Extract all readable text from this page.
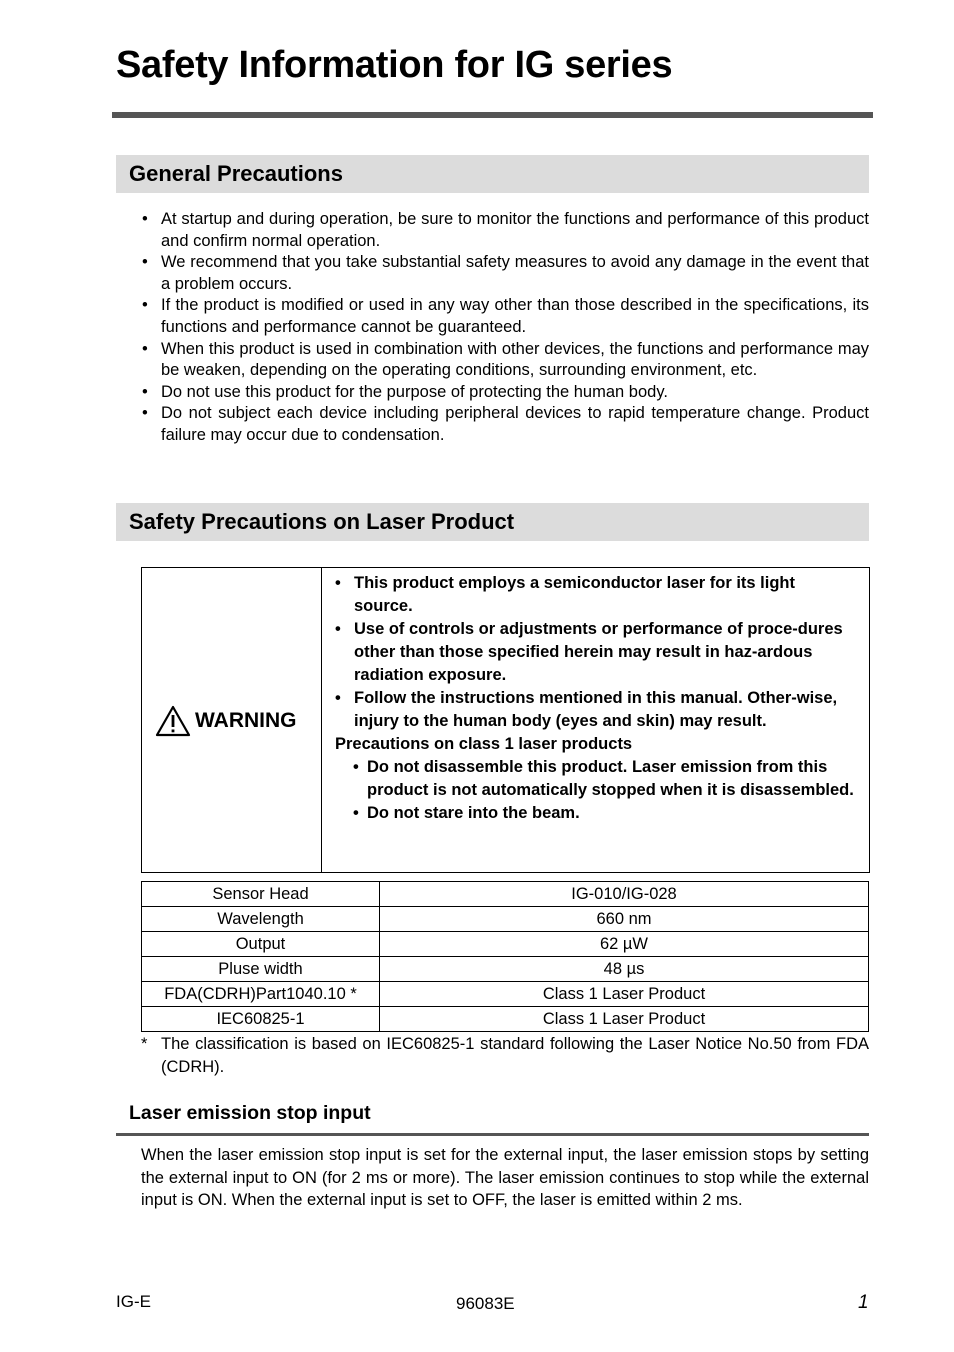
Safety Information for IG series
General Precautions
• At startup and during operation, be sure to monitor the functions and performance of this product and confirm normal operation.
• We recommend that you take substantial safety measures to avoid any damage in the event that a problem occurs.
• If the product is modified or used in any way other than those described in the specifications, its functions and performance cannot be guaranteed.
• When this product is used in combination with other devices, the functions and performance may be weaken, depending on the operating conditions, surrounding environment, etc.
• Do not use this product for the purpose of protecting the human body.
• Do not subject each device including peripheral devices to rapid temperature change. Product failure may occur due to condensation.
Safety Precautions on Laser Product
WARNING
• This product employs a semiconductor laser for its light source.
• Use of controls or adjustments or performance of proce-dures other than those specified herein may result in haz-ardous radiation exposure.
• Follow the instructions mentioned in this manual. Other-wise, injury to the human body (eyes and skin) may result.
Precautions on class 1 laser products
• Do not disassemble this product. Laser emission from this product is not automatically stopped when it is disassembled.
• Do not stare into the beam.
Sensor Head	IG-010/IG-028
Wavelength	660 nm
Output	62 µW
Pluse width	48 µs
FDA(CDRH)Part1040.10 *	Class 1 Laser Product
IEC60825-1	Class 1 Laser Product
* The classification is based on IEC60825-1 standard following the Laser Notice No.50 from FDA (CDRH).
Laser emission stop input

When the laser emission stop input is set for the external input, the laser emission stops by setting the external input to ON (for 2 ms or more). The laser emission continues to stop while the external input is ON. When the external input is set to OFF, the laser is emitted within 2 ms.

IG-E	96083E	1
